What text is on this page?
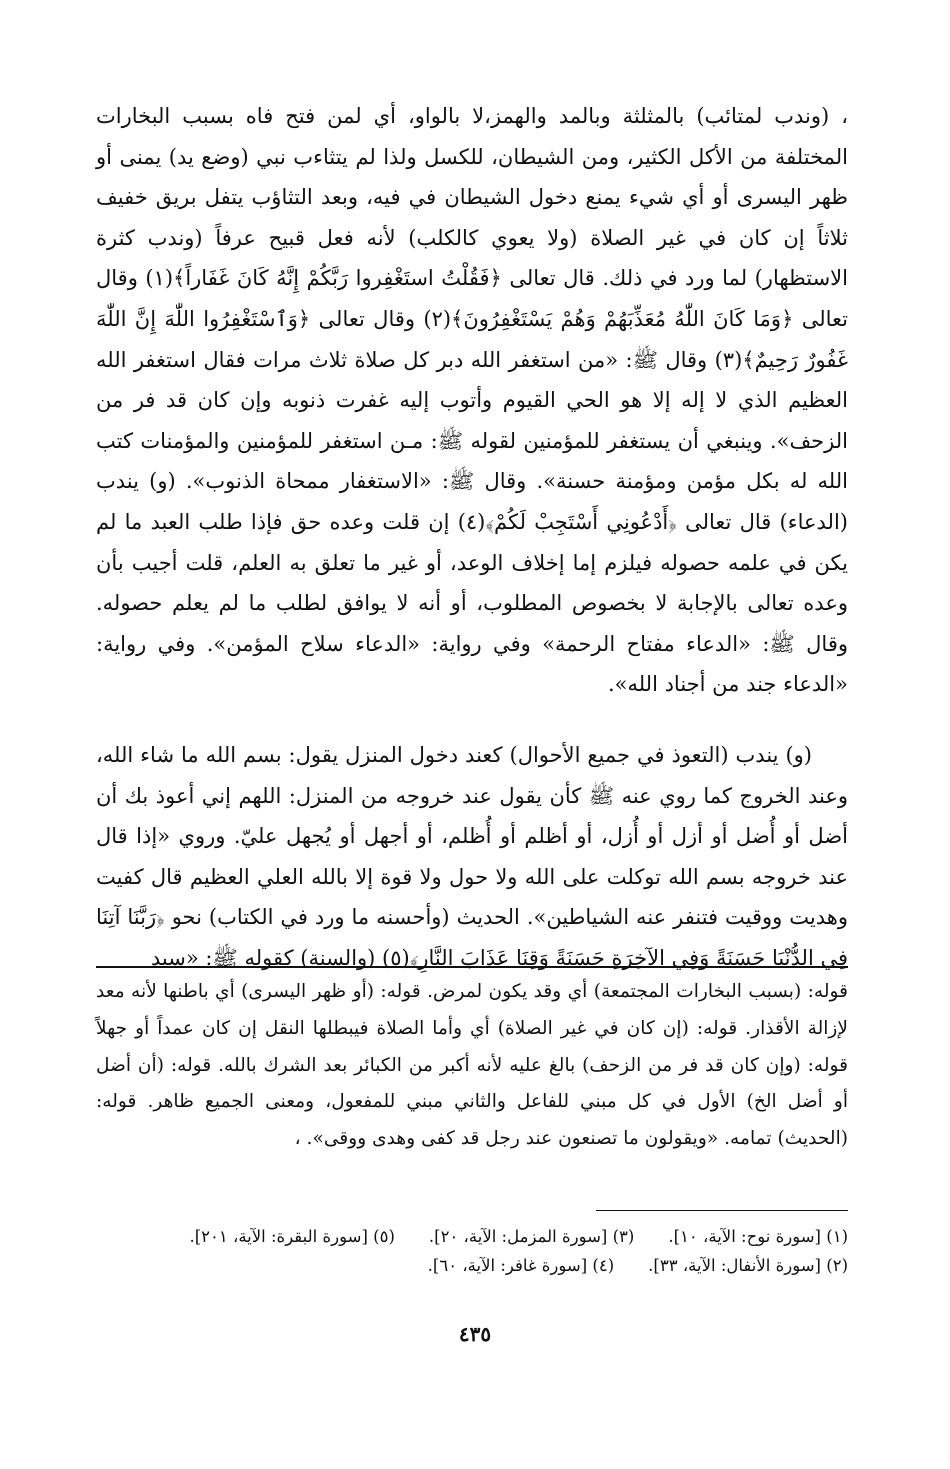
، (وندب لمتائب) بالمثلثة وبالمد والهمز،لا بالواو، أي لمن فتح فاه بسبب البخارات المختلفة من الأكل الكثير، ومن الشيطان، للكسل ولذا لم يتثاءب نبي (وضع يد) يمنى أو ظهر اليسرى أو أي شيء يمنع دخول الشيطان في فيه، وبعد التثاؤب يتفل بريق خفيف ثلاثاً إن كان في غير الصلاة (ولا يعوي كالكلب) لأنه فعل قبيح عرفاً (وندب كثرة الاستظهار) لما ورد في ذلك. قال تعالى ﴿فَقُلْتُ استَغْفِروا رَبَّكُمْ إِنَّهُ كَانَ غَفَاراً﴾(١) وقال تعالى ﴿وَمَا كَانَ اللّٰهُ مُعَذِّبَهُمْ وَهُمْ يَسْتَغْفِرُونَ﴾(٢) وقال تعالى ﴿وَٱسْتَغْفِرُوا اللّٰهَ إِنَّ اللّٰهَ غَفُورٌ رَحِيمٌ﴾(٣) وقال ﷺ: «من استغفر الله دبر كل صلاة ثلاث مرات فقال استغفر الله العظيم الذي لا إله إلا هو الحي القيوم وأتوب إليه غفرت ذنوبه وإن كان قد فر من الزحف». وينبغي أن يستغفر للمؤمنين لقوله ﷺ: مـن استغفر للمؤمنين والمؤمنات كتب الله له بكل مؤمن ومؤمنة حسنة». وقال ﷺ: «الاستغفار ممحاة الذنوب». (و) يندب (الدعاء) قال تعالى ﴿أَدْعُونِي أَسْتَجِبْ لَكُمْ﴾(٤) إن قلت وعده حق فإذا طلب العبد ما لم يكن في علمه حصوله فيلزم إما إخلاف الوعد، أو غير ما تعلق به العلم، قلت أجيب بأن وعده تعالى بالإجابة لا بخصوص المطلوب، أو أنه لا يوافق لطلب ما لم يعلم حصوله. وقال ﷺ: «الدعاء مفتاح الرحمة» وفي رواية: «الدعاء سلاح المؤمن». وفي رواية: «الدعاء جند من أجناد الله».

(و) يندب (التعوذ في جميع الأحوال) كعند دخول المنزل يقول: بسم الله ما شاء الله، وعند الخروج كما روي عنه ﷺ كأن يقول عند خروجه من المنزل: اللهم إني أعوذ بك أن أضل أو أُضل أو أزل أو أُزل، أو أظلم أو أُظلم، أو أجهل أو يُجهل عليّ. وروي «إذا قال عند خروجه بسم الله توكلت على الله ولا حول ولا قوة إلا بالله العلي العظيم قال كفيت وهديت ووقيت فتنفر عنه الشياطين». الحديث (وأحسنه ما ورد في الكتاب) نحو ﴿رَبَّنَا آتِنَا فِي الدُّنْيَا حَسَنَةً وَفِي الآخِرَةِ حَسَنَةً وَقِنَا عَذَابَ النَّارِ﴾(٥) (والسنة) كقوله ﷺ: «سيد

قوله: (بسبب البخارات المجتمعة) أي وقد يكون لمرض. قوله: (أو ظهر اليسرى) أي باطنها لأنه معد لإزالة الأقذار. قوله: (إن كان في غير الصلاة) أي وأما الصلاة فيبطلها النقل إن كان عمداً أو جهلاً قوله: (وإن كان قد فر من الزحف) بالغ عليه لأنه أكبر من الكبائر بعد الشرك بالله. قوله: (أن أضل أو أضل الخ) الأول في كل مبني للفاعل والثاني مبني للمفعول، ومعنى الجميع ظاهر. قوله: (الحديث) تمامه. «ويقولون ما تصنعون عند رجل قد كفى وهدى ووقى». ،

(١) [سورة نوح: الآية، ١٠].
(٣) [سورة المزمل: الآية، ٢٠].
(٥) [سورة البقرة: الآية، ٢٠١].
(٢) [سورة الأنفال: الآية، ٣٣].
(٤) [سورة غافر: الآية، ٦٠].
٤٣٥
